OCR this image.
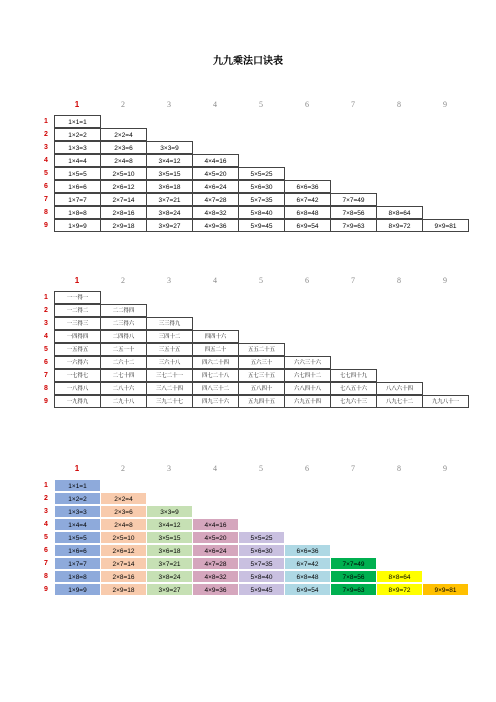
九九乘法口诀表
1	2	3	4	5	6	7	8	9
1	1×1=1
2	1×2=2	2×2=4
3	1×3=3	2×3=6	3×3=9
4	1×4=4	2×4=8	3×4=12	4×4=16
5	1×5=5	2×5=10	3×5=15	4×5=20	5×5=25
6	1×6=6	2×6=12	3×6=18	4×6=24	5×6=30	6×6=36
7	1×7=7	2×7=14	3×7=21	4×7=28	5×7=35	6×7=42	7×7=49
8	1×8=8	2×8=16	3×8=24	4×8=32	5×8=40	6×8=48	7×8=56	8×8=64
9	1×9=9	2×9=18	3×9=27	4×9=36	5×9=45	6×9=54	7×9=63	8×9=72	9×9=81
1	2	3	4	5	6	7	8	9
1	一一得一
2	一二得二	二二得四
3	一三得三	二三得六	三三得九
4	一四得四	二四得八	三四十二	四四十六
5	一五得五	二五一十	三五十五	四五二十	五五二十五
6	一六得六	二六十二	三六十八	四六二十四	五六三十	六六三十六
7	一七得七	二七十四	三七二十一	四七二十八	五七三十五	六七四十二	七七四十九
8	一八得八	二八十六	三八二十四	四八三十二	五八四十	六八四十八	七八五十六	八八六十四
9	一九得九	二九十八	三九二十七	四九三十六	五九四十五	六九五十四	七九六十三	八九七十二	九九八十一
1	2	3	4	5	6	7	8	9
1	1×1=1
2	1×2=2	2×2=4
3	1×3=3	2×3=6	3×3=9
4	1×4=4	2×4=8	3×4=12	4×4=16
5	1×5=5	2×5=10	3×5=15	4×5=20	5×5=25
6	1×6=6	2×6=12	3×6=18	4×6=24	5×6=30	6×6=36
7	1×7=7	2×7=14	3×7=21	4×7=28	5×7=35	6×7=42	7×7=49
8	1×8=8	2×8=16	3×8=24	4×8=32	5×8=40	6×8=48	7×8=56	8×8=64
9	1×9=9	2×9=18	3×9=27	4×9=36	5×9=45	6×9=54	7×9=63	8×9=72	9×9=81
